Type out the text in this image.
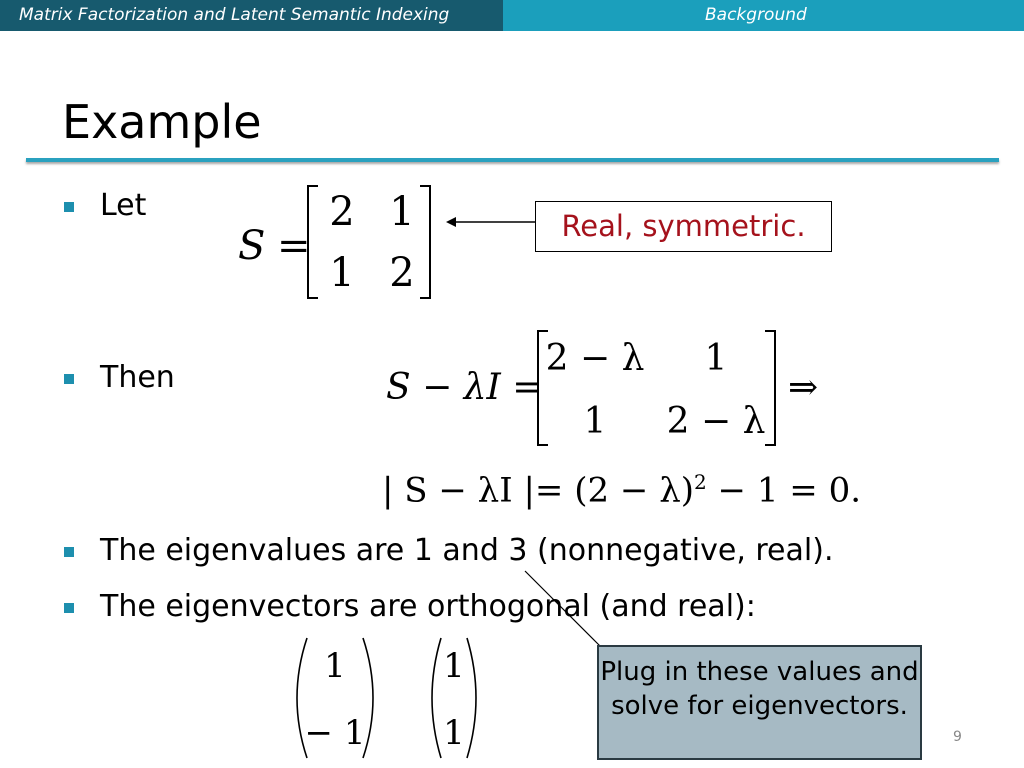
Matrix Factorization and Latent Semantic Indexing	Background
Example
Let
S =
2 1
1 2
Real, symmetric.
Then	S − λI =
2 − λ 1
1 2 − λ
⇒
| S − λI |= $(2 - \lambda)^2 - 1 = 0$.
The eigenvalues are 1 and 3 (nonnegative, real).
The eigenvectors are orthogonal (and real):
1
− 1
1
1
Plug in these values and solve for eigenvectors.
9
